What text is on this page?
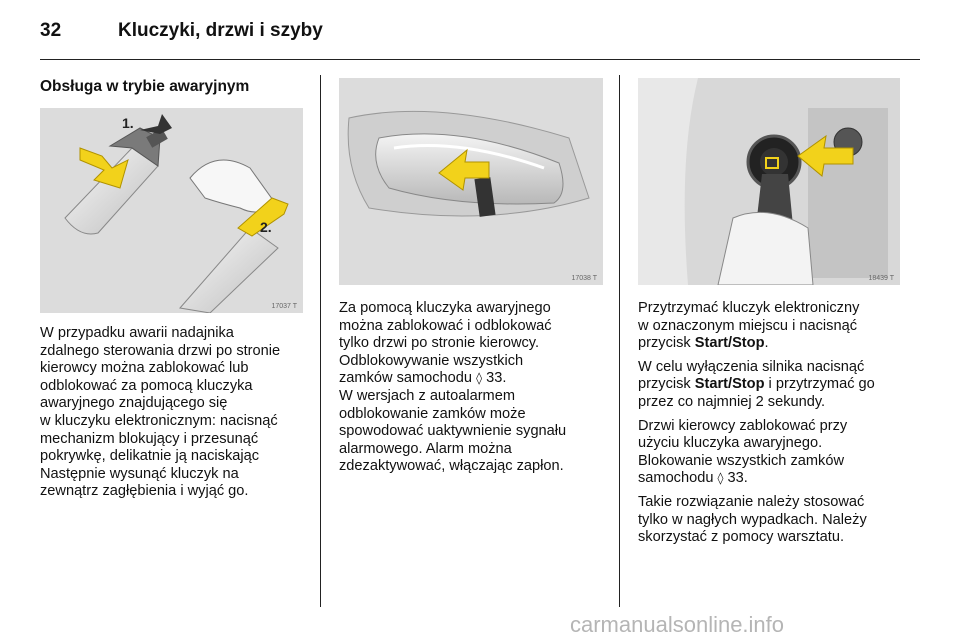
32	Kluczyki, drzwi i szyby
Obsługa w trybie awaryjnym
1.
2.
17037 T
17038 T	18439 T
W przypadku awarii nadajnika
zdalnego sterowania drzwi po stronie
kierowcy można zablokować lub
odblokować za pomocą kluczyka
awaryjnego znajdującego się
w kluczyku elektronicznym: nacisnąć
mechanizm blokujący i przesunąć
pokrywkę, delikatnie ją naciskając
Następnie wysunąć kluczyk na
zewnątrz zagłębienia i wyjąć go.
Za pomocą kluczyka awaryjnego
można zablokować i odblokować
tylko drzwi po stronie kierowcy.
Odblokowywanie wszystkich
zamków samochodu ◊ 33.
W wersjach z autoalarmem
odblokowanie zamków może
spowodować uaktywnienie sygnału
alarmowego. Alarm można
zdezaktywować, włączając zapłon.

Przytrzymać kluczyk elektroniczny
w oznaczonym miejscu i nacisnąć
przycisk Start/Stop.

W celu wyłączenia silnika nacisnąć
przycisk Start/Stop i przytrzymać go
przez co najmniej 2 sekundy.

Drzwi kierowcy zablokować przy
użyciu kluczyka awaryjnego.
Blokowanie wszystkich zamków
samochodu ◊ 33.

Takie rozwiązanie należy stosować
tylko w nagłych wypadkach. Należy
skorzystać z pomocy warsztatu.

carmanualsonline.info
